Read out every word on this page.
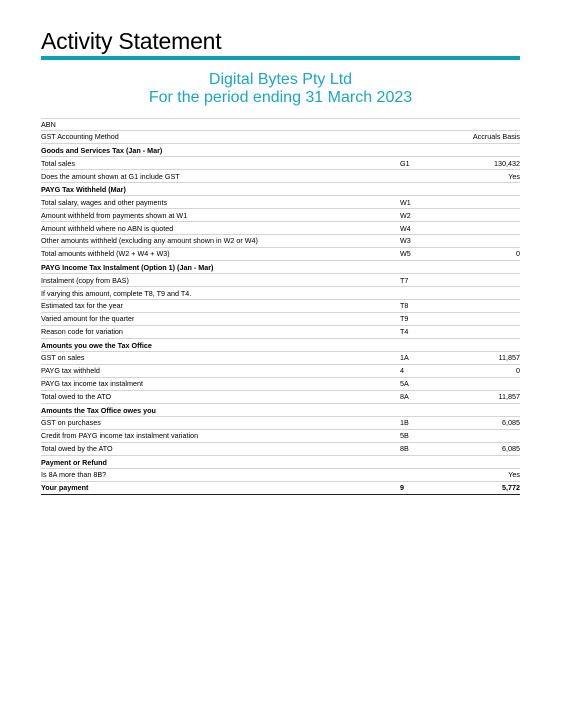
Activity Statement
Digital Bytes Pty Ltd
For the period ending 31 March 2023
ABN
GST Accounting Method	Accruals Basis
Goods and Services Tax (Jan - Mar)
Total sales	G1	130,432
Does the amount shown at G1 include GST	Yes
PAYG Tax Withheld (Mar)
Total salary, wages and other payments	W1
Amount withheld from payments shown at W1	W2
Amount withheld where no ABN is quoted	W4
Other amounts withheld (excluding any amount shown in W2 or W4)	W3
Total amounts withheld (W2 + W4 + W3)	W5	0
PAYG Income Tax Instalment (Option 1) (Jan - Mar)
Instalment (copy from BAS)	T7
If varying this amount, complete T8, T9 and T4.
Estimated tax for the year	T8
Varied amount for the quarter	T9
Reason code for variation	T4
Amounts you owe the Tax Office
GST on sales	1A	11,857
PAYG tax withheld	4	0
PAYG tax income tax instalment	5A
Total owed to the ATO	8A	11,857
Amounts the Tax Office owes you
GST on purchases	1B	6,085
Credit from PAYG income tax instalment variation	5B
Total owed by the ATO	8B	6,085
Payment or Refund
Is 8A more than 8B?	Yes
Your payment	9	5,772
